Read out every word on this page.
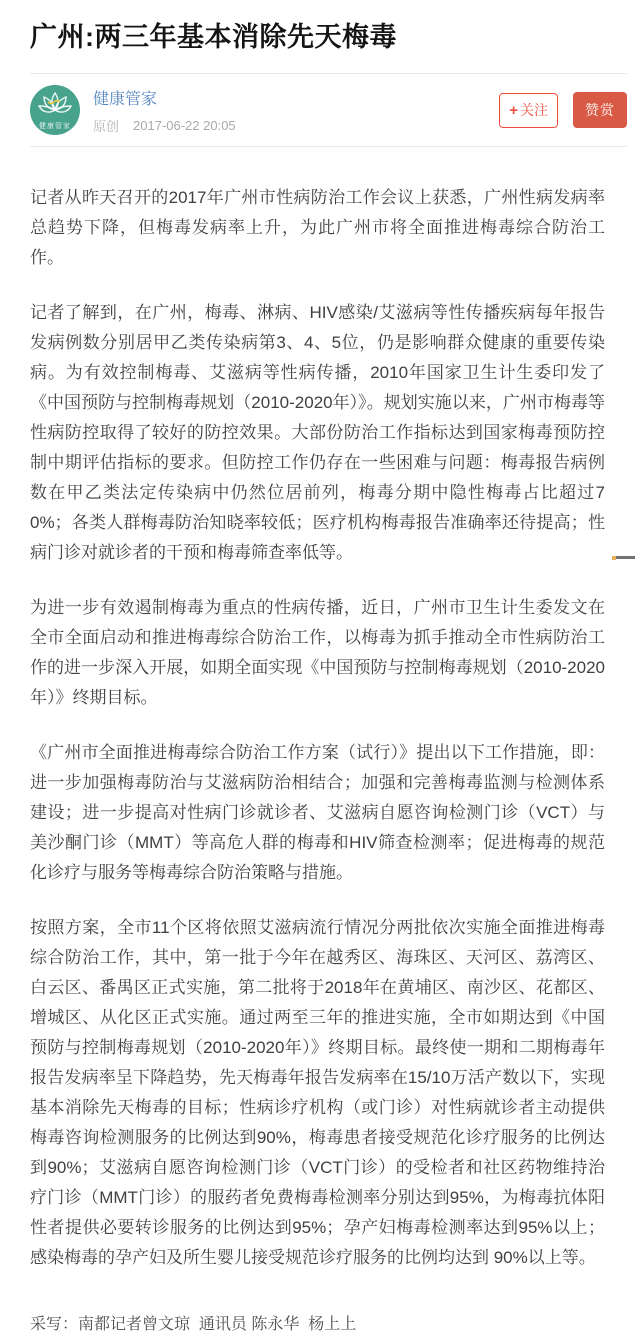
广州:两三年基本消除先天梅毒
健康管家
健康管家
原创 2017-06-22 20:05
+ 关注	赞赏

记者从昨天召开的2017年广州市性病防治工作会议上获悉，广州性病发病率总趋势下降，但梅毒发病率上升，为此广州市将全面推进梅毒综合防治工作。

记者了解到，在广州，梅毒、淋病、HIV感染/艾滋病等性传播疾病每年报告发病例数分别居甲乙类传染病第3、4、5位，仍是影响群众健康的重要传染病。为有效控制梅毒、艾滋病等性病传播，2010年国家卫生计生委印发了《中国预防与控制梅毒规划（2010-2020年）》。规划实施以来，广州市梅毒等性病防控取得了较好的防控效果。大部份防治工作指标达到国家梅毒预防控制中期评估指标的要求。但防控工作仍存在一些困难与问题：梅毒报告病例数在甲乙类法定传染病中仍然位居前列，梅毒分期中隐性梅毒占比超过70%；各类人群梅毒防治知晓率较低；医疗机构梅毒报告准确率还待提高；性病门诊对就诊者的干预和梅毒筛查率低等。

为进一步有效遏制梅毒为重点的性病传播，近日，广州市卫生计生委发文在全市全面启动和推进梅毒综合防治工作，以梅毒为抓手推动全市性病防治工作的进一步深入开展，如期全面实现《中国预防与控制梅毒规划（2010-2020年）》终期目标。

《广州市全面推进梅毒综合防治工作方案（试行）》提出以下工作措施，即：进一步加强梅毒防治与艾滋病防治相结合；加强和完善梅毒监测与检测体系建设；进一步提高对性病门诊就诊者、艾滋病自愿咨询检测门诊（VCT）与美沙酮门诊（MMT）等高危人群的梅毒和HIV筛查检测率；促进梅毒的规范化诊疗与服务等梅毒综合防治策略与措施。

按照方案，全市11个区将依照艾滋病流行情况分两批依次实施全面推进梅毒综合防治工作，其中，第一批于今年在越秀区、海珠区、天河区、荔湾区、白云区、番禺区正式实施，第二批将于2018年在黄埔区、南沙区、花都区、增城区、从化区正式实施。通过两至三年的推进实施，全市如期达到《中国预防与控制梅毒规划（2010-2020年）》终期目标。最终使一期和二期梅毒年报告发病率呈下降趋势，先天梅毒年报告发病率在15/10万活产数以下，实现基本消除先天梅毒的目标；性病诊疗机构（或门诊）对性病就诊者主动提供梅毒咨询检测服务的比例达到90%，梅毒患者接受规范化诊疗服务的比例达到90%；艾滋病自愿咨询检测门诊（VCT门诊）的受检者和社区药物维持治疗门诊（MMT门诊）的服药者免费梅毒检测率分别达到95%，为梅毒抗体阳性者提供必要转诊服务的比例达到95%；孕产妇梅毒检测率达到95%以上；感染梅毒的孕产妇及所生婴儿接受规范诊疗服务的比例均达到 90%以上等。

采写：南都记者曾文琼  通讯员 陈永华  杨上上
